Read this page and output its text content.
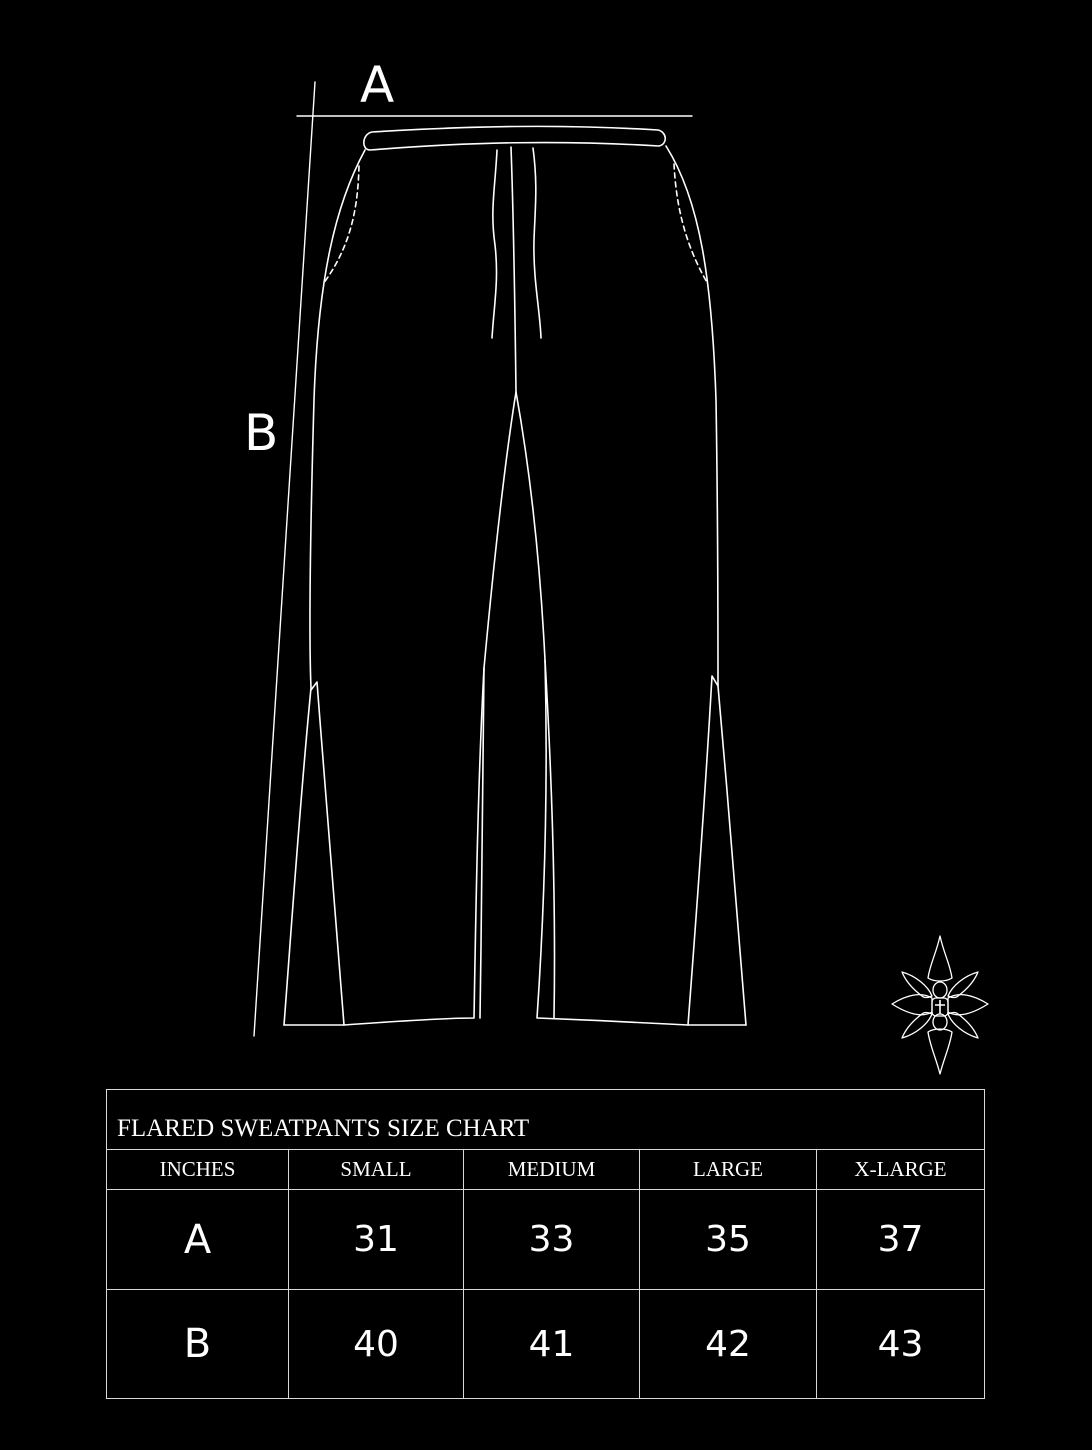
A
B
FLARED SWEATPANTS SIZE CHART				
INCHES	SMALL	MEDIUM	LARGE	X-LARGE
A	31	33	35	37
B	40	41	42	43
